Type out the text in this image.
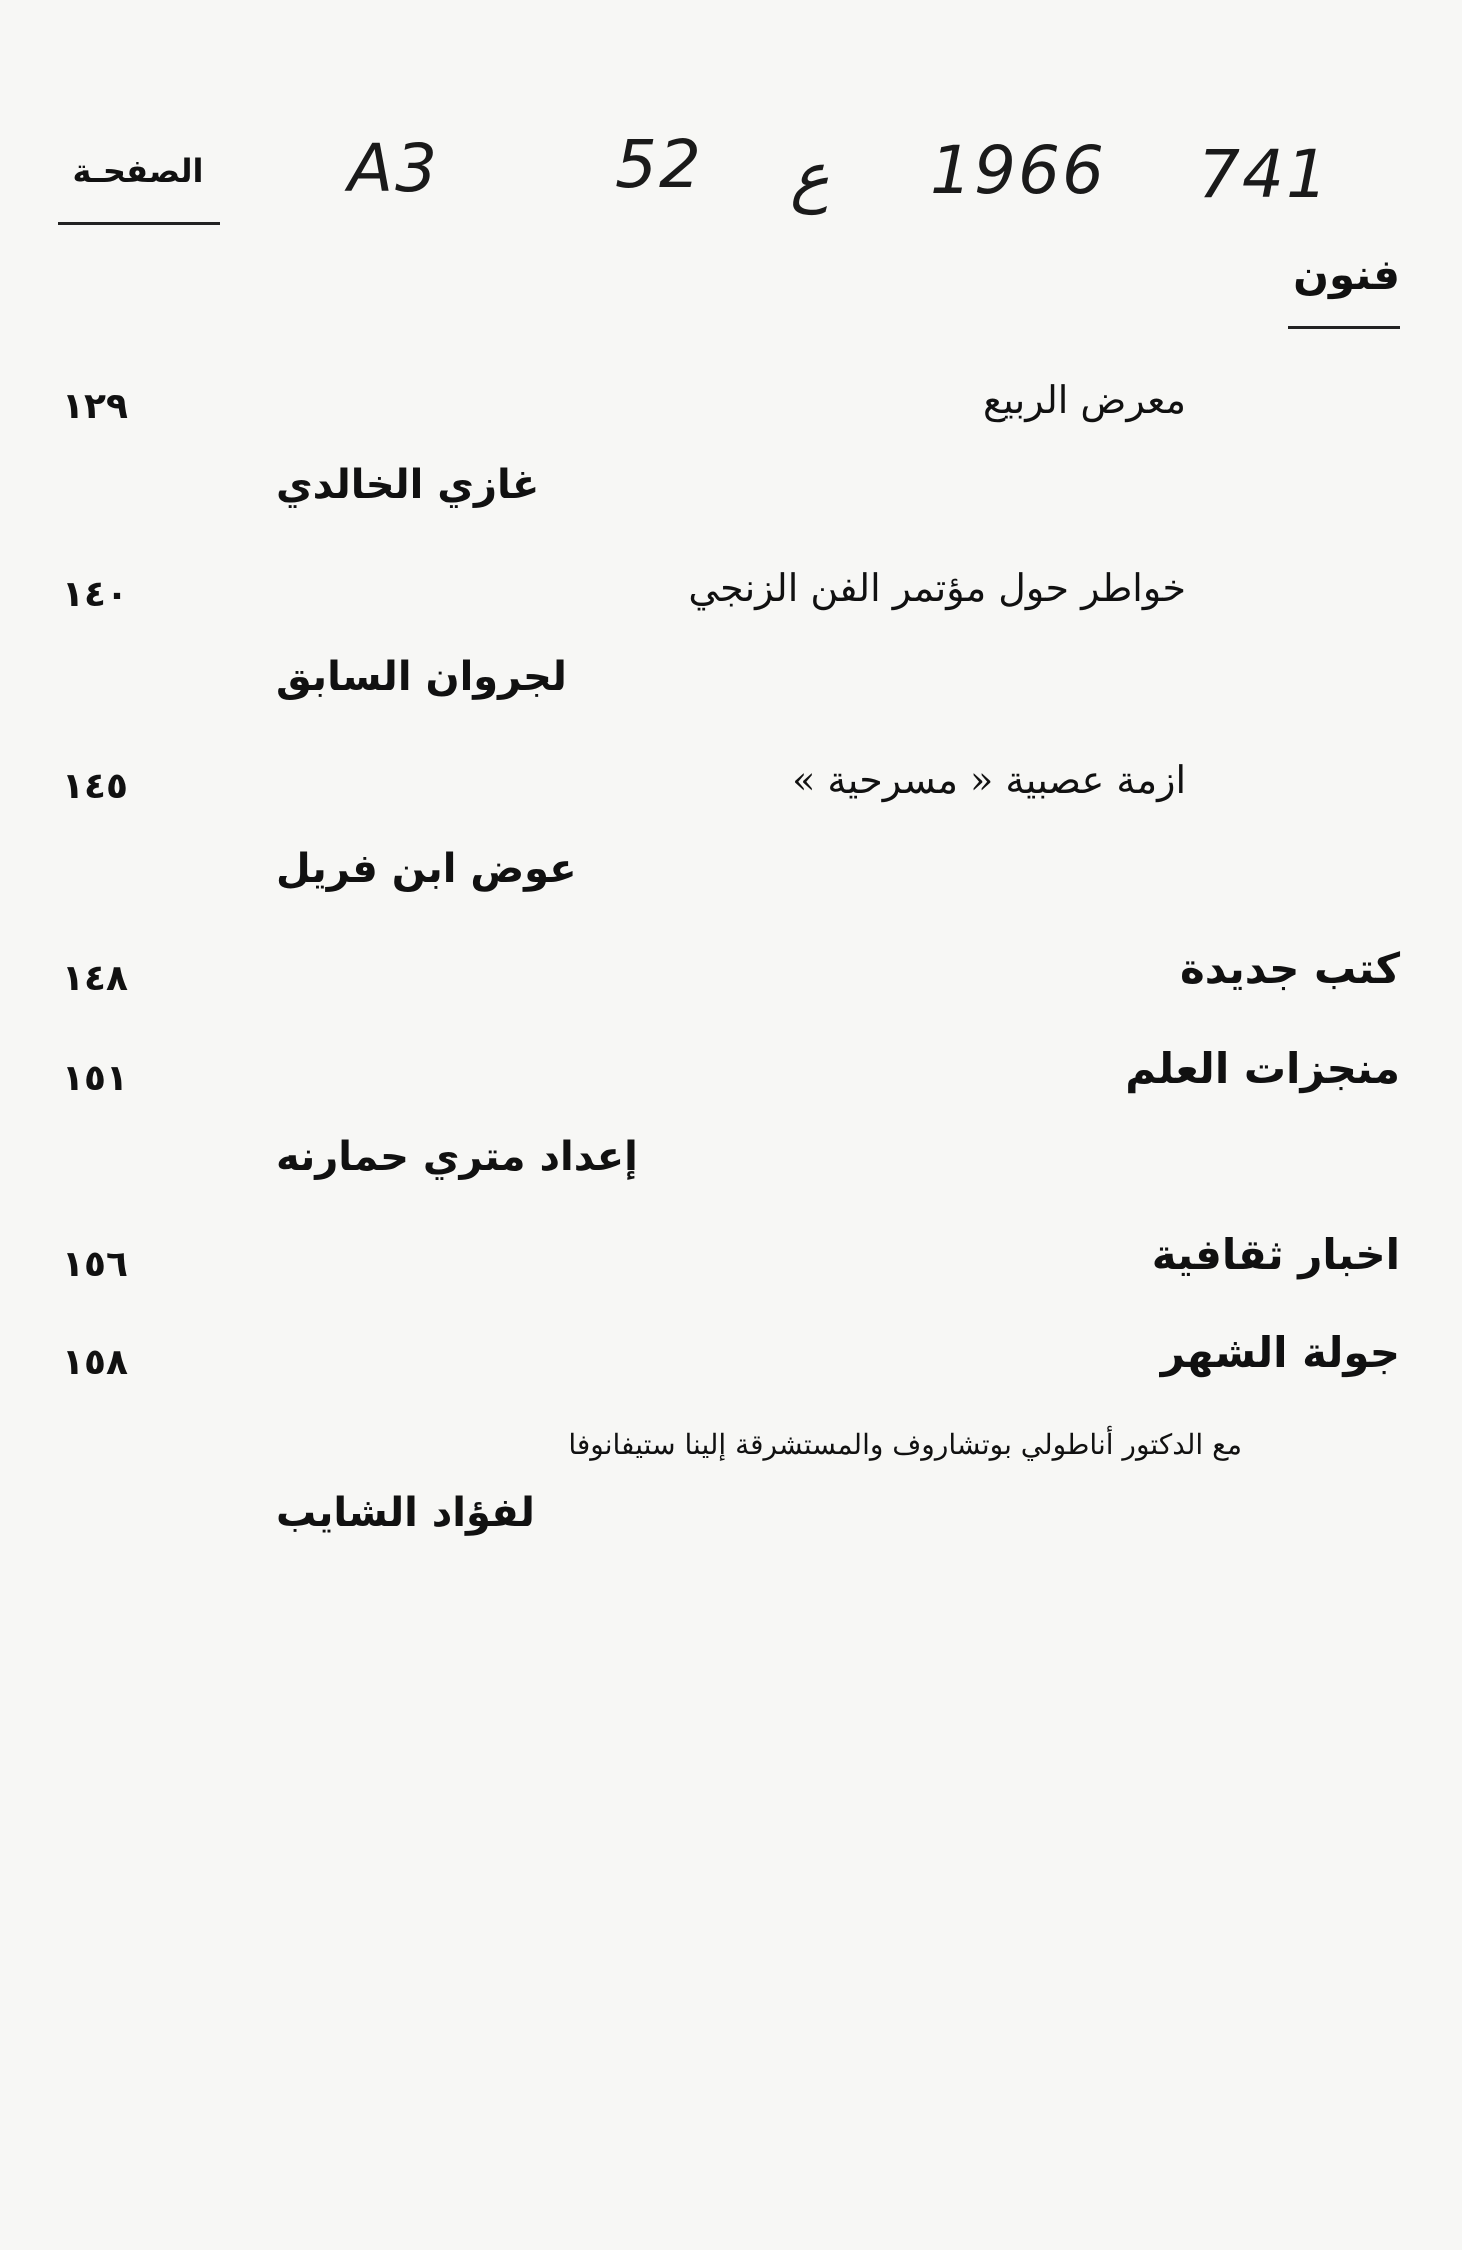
الصفحـة A3	52 ع 1966 741
فنون
معرض الربيع
١٢٩
غازي الخالدي
خواطر حول مؤتمر الفن الزنجي
١٤٠
لجروان السابق
ازمة عصبية « مسرحية »
١٤٥
عوض ابن فريل
كتب جديدة
١٤٨
منجزات العلم
١٥١
إعداد متري حمارنه
اخبار ثقافية
١٥٦
جولة الشهر
١٥٨
مع الدكتور أناطولي بوتشاروف والمستشرقة إلينا ستيفانوفا
لفؤاد الشايب
